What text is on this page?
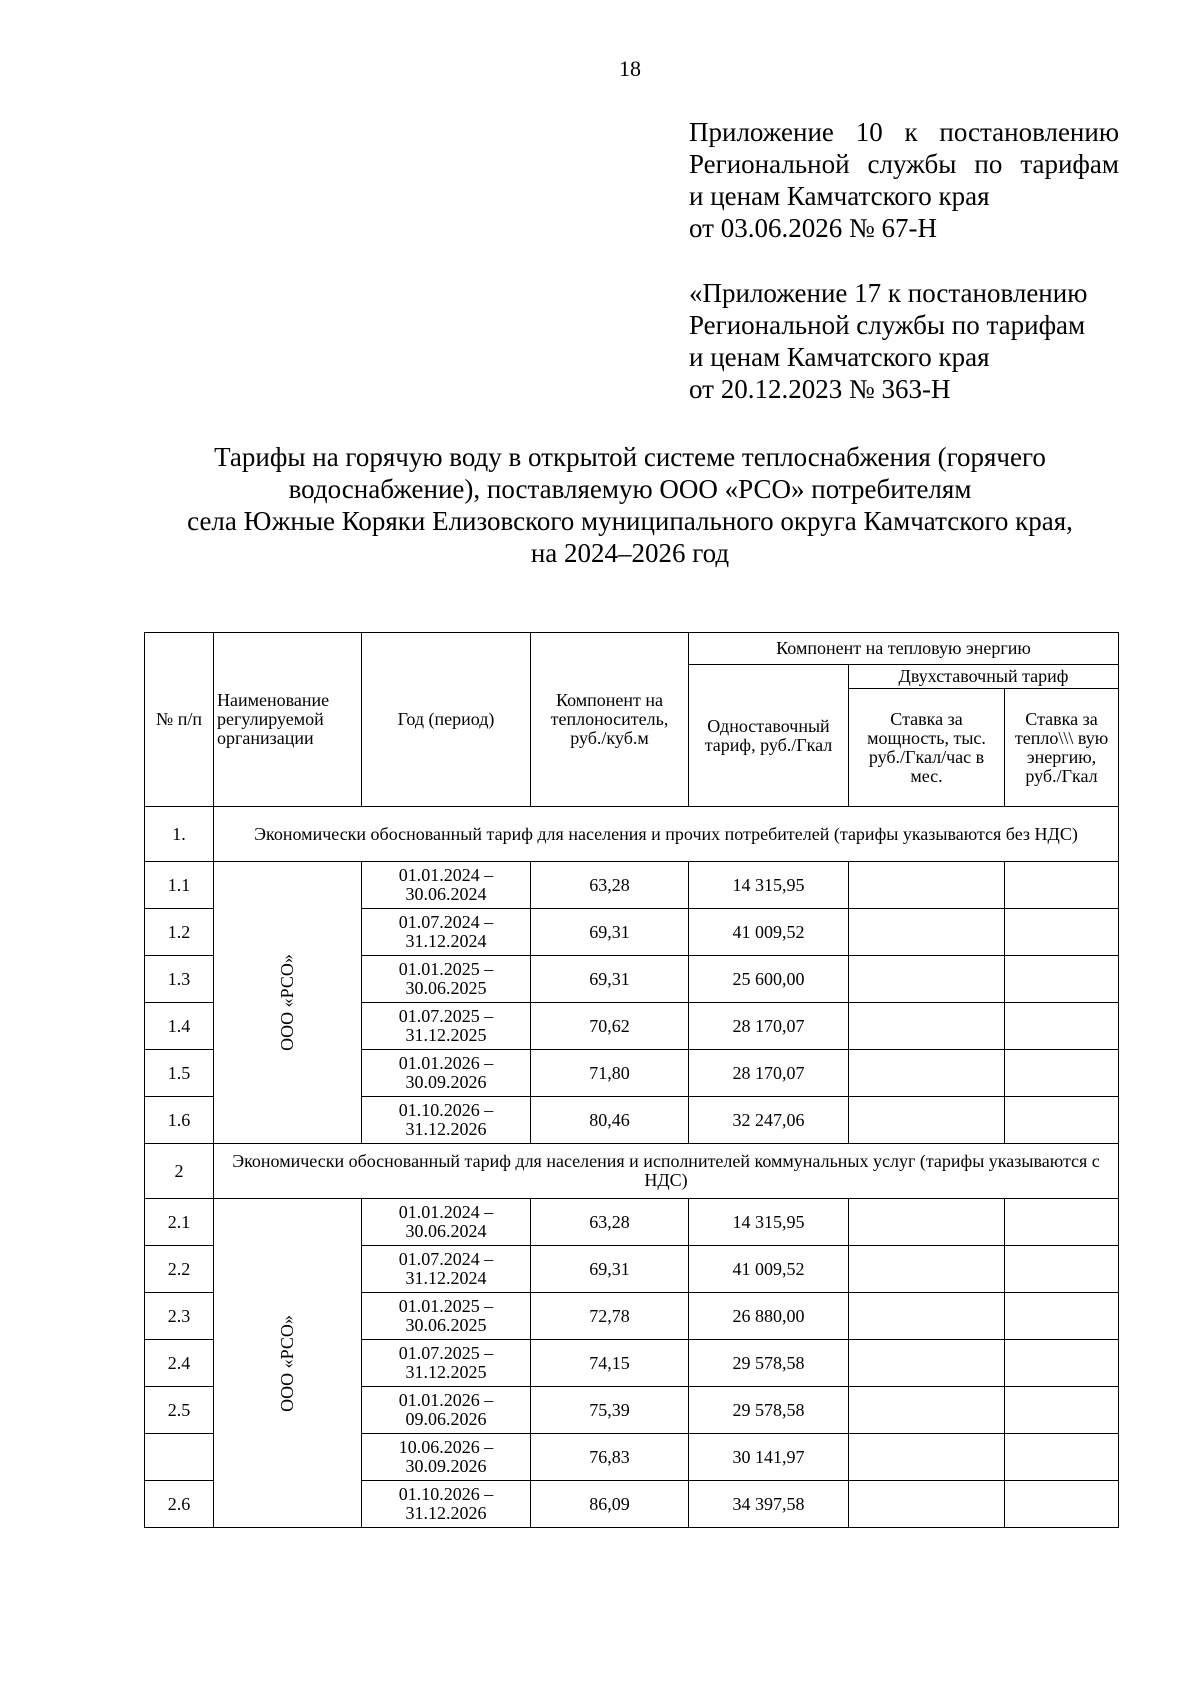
18
Приложение 10 к постановлению
Региональной службы по тарифам
и ценам Камчатского края
от 03.06.2026 № 67-Н
«Приложение 17 к постановлению
Региональной службы по тарифам
и ценам Камчатского края
от 20.12.2023 № 363-Н
Тарифы на горячую воду в открытой системе теплоснабжения (горячего
водоснабжение), поставляемую ООО «РСО» потребителям
села Южные Коряки Елизовского муниципального округа Камчатского края,
на 2024–2026 год
№ п/п	Наименование регулируемой организации	Год (период)	Компонент на теплоноситель, руб./куб.м	Компонент на тепловую энергию		
				Одноставочный тариф, руб./Гкал	Двухставочный тариф	
					Ставка за мощность, тыс. руб./Гкал/час в мес.	Ставка за тепло\\\ вую энергию, руб./Гкал
1.	Экономически обоснованный тариф для населения и прочих потребителей (тарифы указываются без НДС)					
1.1	ООО «РСО»	01.01.2024 – 30.06.2024	63,28	14 315,95		
1.2		01.07.2024 – 31.12.2024	69,31	41 009,52		
1.3		01.01.2025 – 30.06.2025	69,31	25 600,00		
1.4		01.07.2025 – 31.12.2025	70,62	28 170,07		
1.5		01.01.2026 – 30.09.2026	71,80	28 170,07		
1.6		01.10.2026 – 31.12.2026	80,46	32 247,06		
2	Экономически обоснованный тариф для населения и исполнителей коммунальных услуг (тарифы указываются с НДС)					
2.1	ООО «РСО»	01.01.2024 – 30.06.2024	63,28	14 315,95		
2.2		01.07.2024 – 31.12.2024	69,31	41 009,52		
2.3		01.01.2025 – 30.06.2025	72,78	26 880,00		
2.4		01.07.2025 – 31.12.2025	74,15	29 578,58		
2.5		01.01.2026 – 09.06.2026	75,39	29 578,58		
		10.06.2026 – 30.09.2026	76,83	30 141,97		
2.6		01.10.2026 – 31.12.2026	86,09	34 397,58		
